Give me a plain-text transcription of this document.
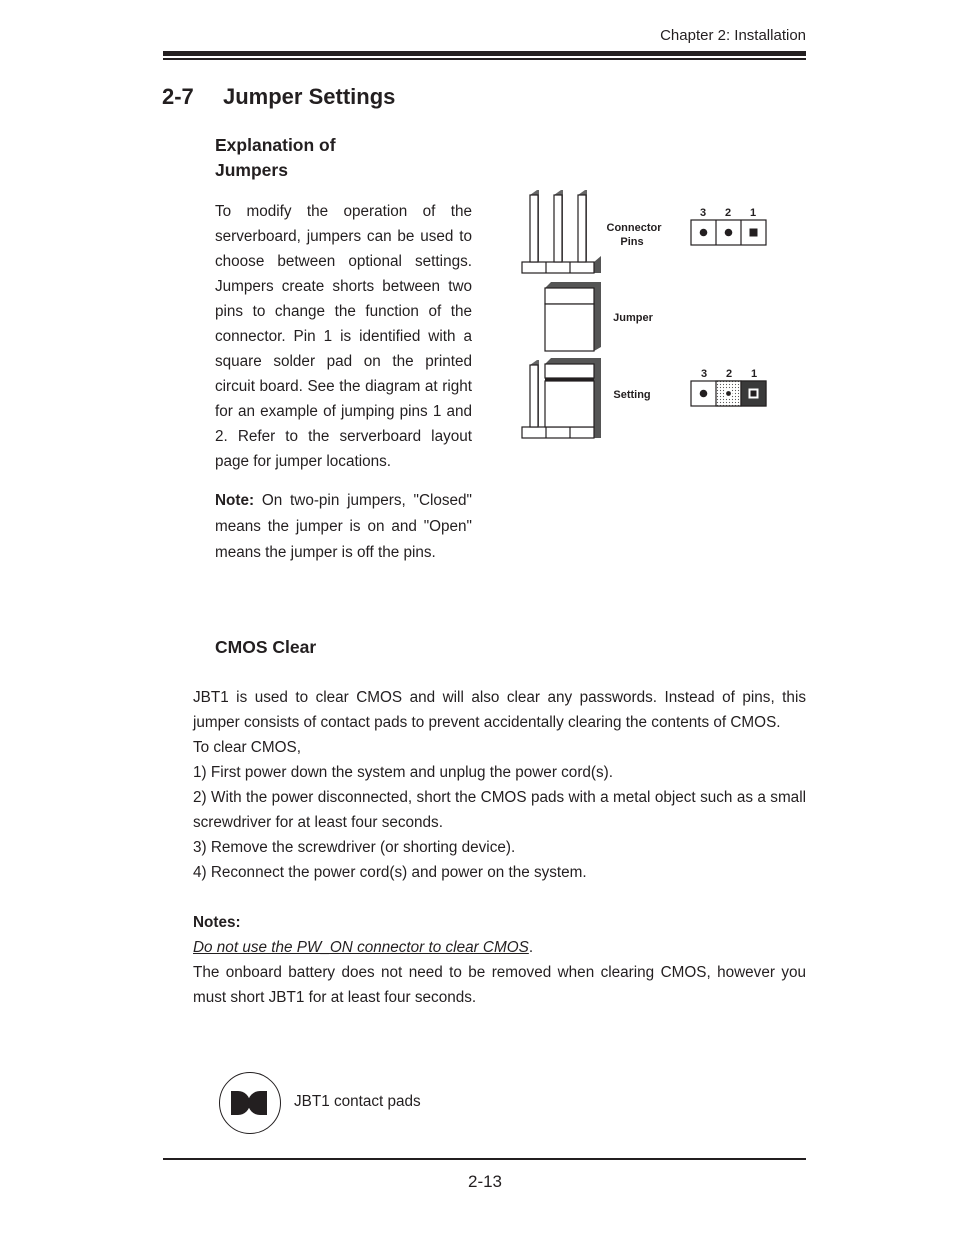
Chapter 2: Installation
2-7 Jumper Settings
Explanation of
Jumpers

To modify the operation of the serverboard, jumpers can be used to choose between optional settings. Jumpers create shorts between two pins to change the function of the connector. Pin 1 is identified with a square solder pad on the printed circuit board. See the diagram at right for an example of jumping pins 1 and 2. Refer to the serverboard layout page for jumper locations.

Note: On two-pin jumpers, "Closed" means the jumper is on and "Open" means the jumper is off the pins.
Connector
Pins
Jumper
Setting
3 2 1
3 2 1
CMOS Clear

JBT1 is used to clear CMOS and will also clear any passwords. Instead of pins, this jumper consists of contact pads to prevent accidentally clearing the contents of CMOS.

To clear CMOS,

1) First power down the system and unplug the power cord(s).

2) With the power disconnected, short the CMOS pads with a metal object such as a small screwdriver for at least four seconds.

3) Remove the screwdriver (or shorting device).

4) Reconnect the power cord(s) and power on the system.

Notes:

Do not use the PW_ON connector to clear CMOS.

The onboard battery does not need to be removed when clearing CMOS, however you must short JBT1 for at least four seconds.

JBT1 contact pads
2-13
